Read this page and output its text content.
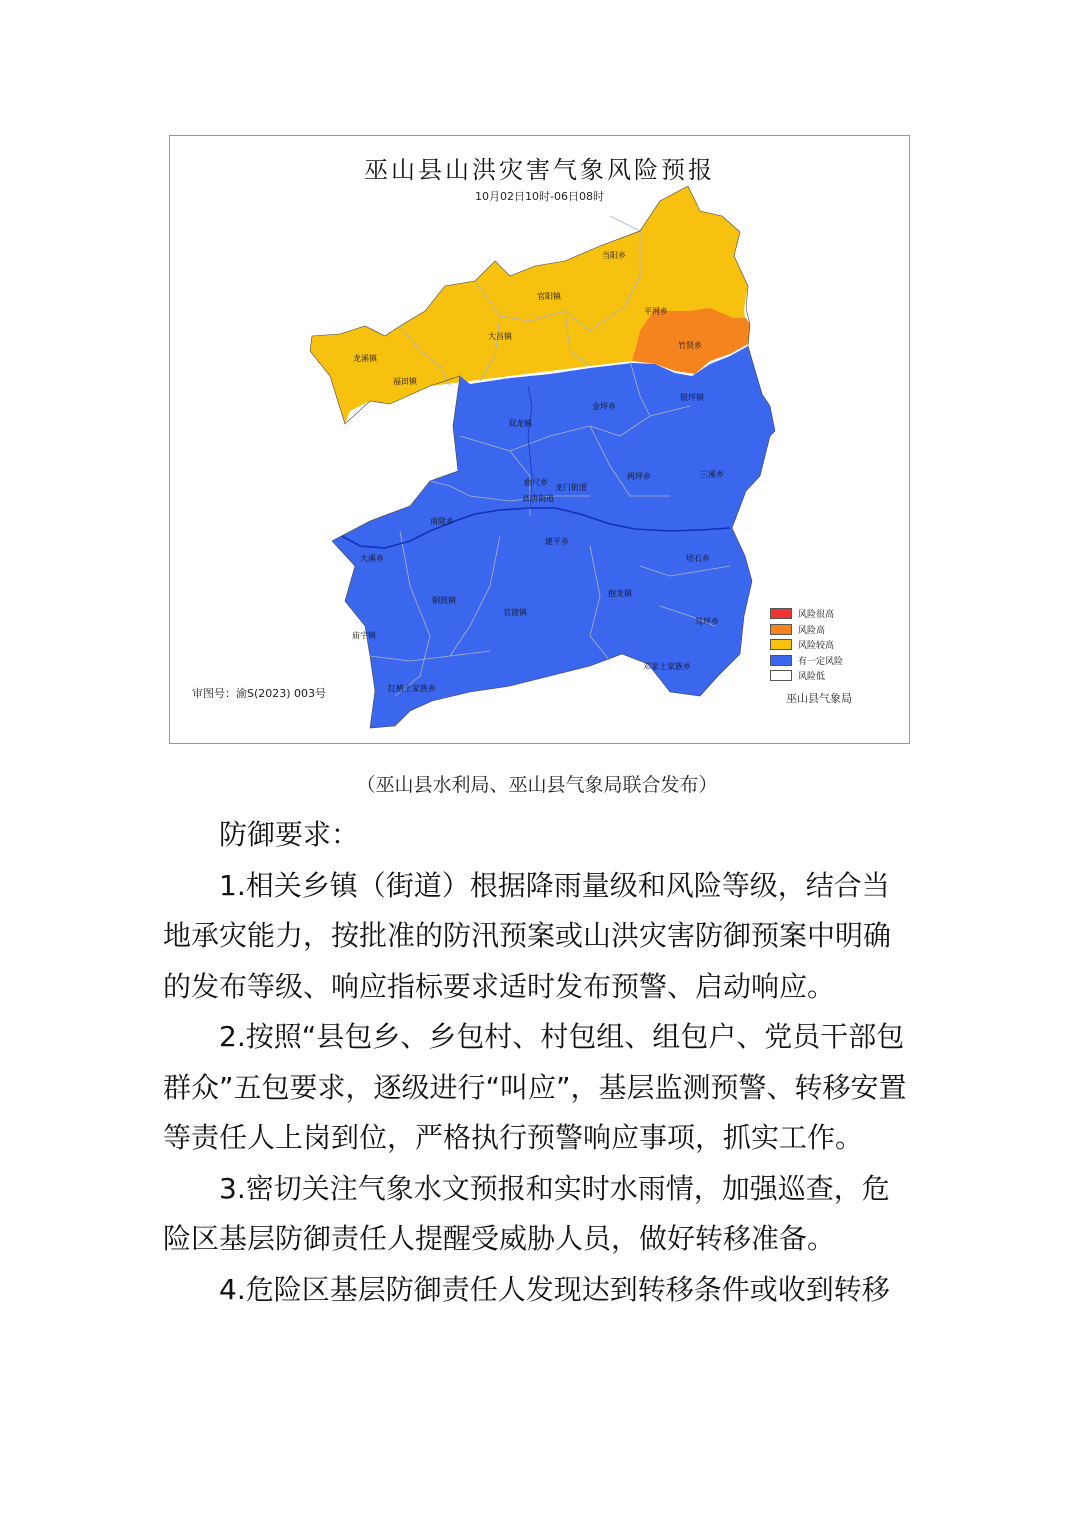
当阳乡
官阳镇
平河乡
竹贤乡
大昌镇
龙溪镇
福田镇
双龙镇
金坪乡
银坪镇
龙门街道
高唐街道
两坪乡	三溪乡
南陵乡
大溪乡
建平乡
曲尺乡
培石乡
铜鼓镇
官渡镇
抱龙镇
庙宇镇
笃坪乡
红椿土家族乡
邓家土家族乡
巫山县山洪灾害气象风险预报
10月02日10时-06日08时
审图号：渝S(2023) 003号
风险很高
风险高
风险较高
有一定风险
风险低
巫山县气象局
（巫山县水利局、巫山县气象局联合发布）

防御要求：

1.相关乡镇（街道）根据降雨量级和风险等级，结合当地承灾能力，按批准的防汛预案或山洪灾害防御预案中明确的发布等级、响应指标要求适时发布预警、启动响应。

2.按照“县包乡、乡包村、村包组、组包户、党员干部包群众”五包要求，逐级进行“叫应”，基层监测预警、转移安置等责任人上岗到位，严格执行预警响应事项，抓实工作。

3.密切关注气象水文预报和实时水雨情，加强巡查，危险区基层防御责任人提醒受威胁人员，做好转移准备。

4.危险区基层防御责任人发现达到转移条件或收到转移
